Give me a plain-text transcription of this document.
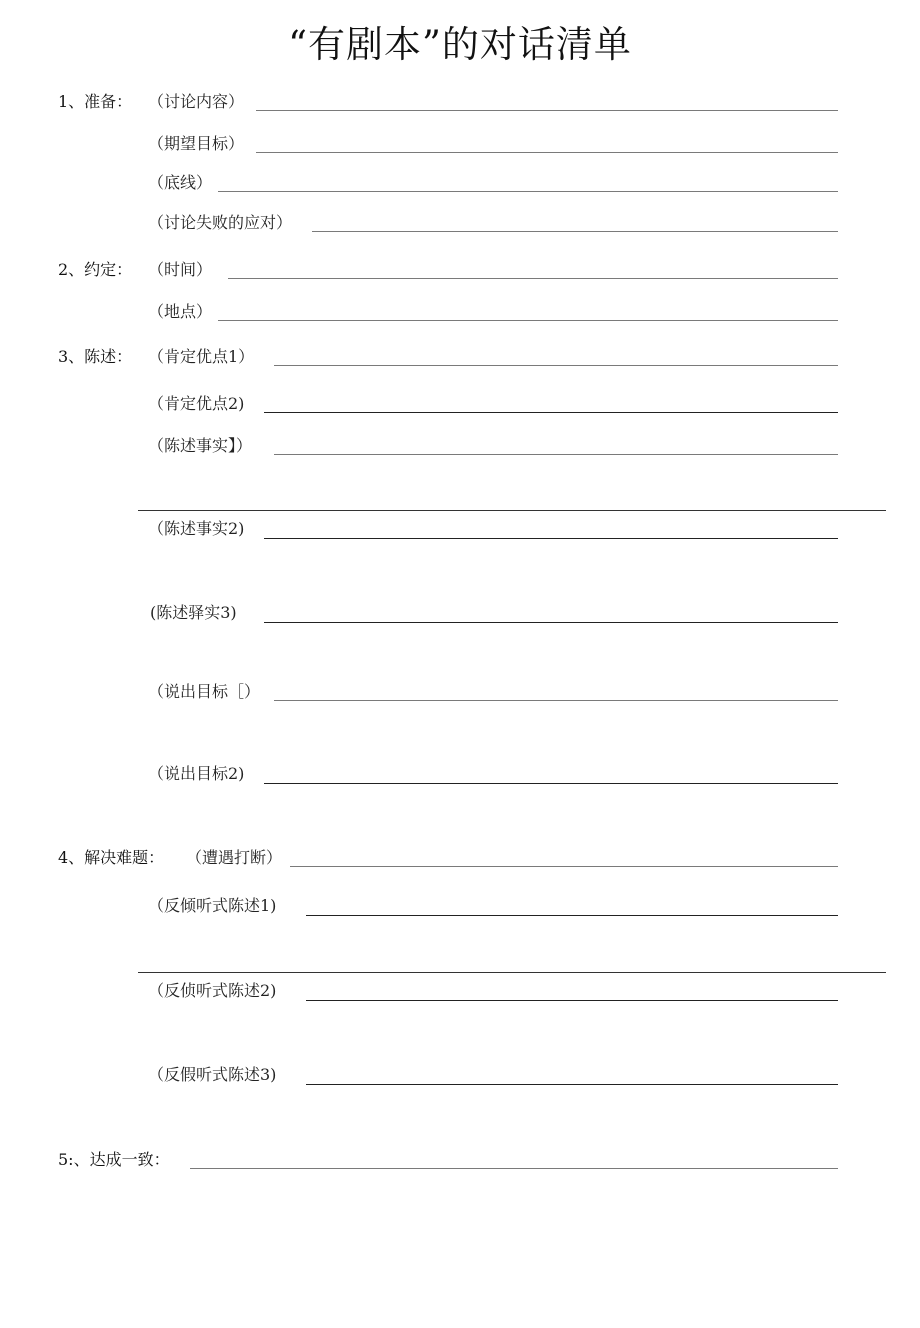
“有剧本”的对话清单
1、准备： （讨论内容）
（期望目标）
（底线）
（讨论失败的应对）
2、约定： （时间）
（地点）
3、陈述： （肯定优点1）
（肯定优点2)
（陈述事实】）
（陈述事实2)
(陈述驿实3)
（说出目标［）
（说出目标2)
4、解决难题： （遭遇打断）
（反倾听式陈述1)
（反侦听式陈述2)
（反假听式陈述3)
5:、达成一致：
